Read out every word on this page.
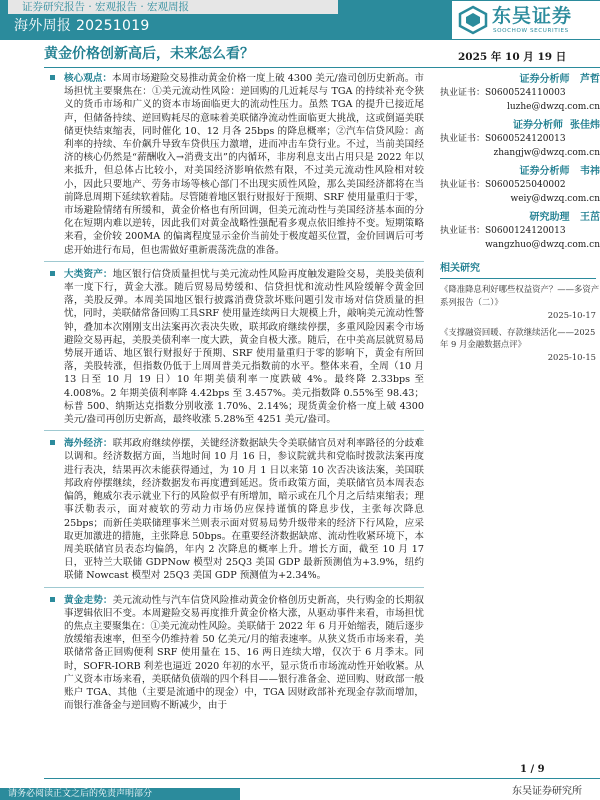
证券研究报告 · 宏观报告 · 宏观周报
海外周报 20251019	东吴证券
SOOCHOW SECURITIES
黄金价格创新高后，未来怎么看？	2025 年 10 月 19 日
核心观点：本周市场避险交易推动黄金价格一度上破 4300 美元/盎司创历史新高。市场担忧主要聚焦在：①美元流动性风险：逆回购的几近耗尽与 TGA 的持续补充令狭义的货币市场和广义的资本市场面临更大的流动性压力。虽然 TGA 的提升已接近尾声，但储备持续、逆回购耗尽的意味着美联储净流动性面临更大挑战，这或倒逼美联储更快结束缩表，同时催化 10、12 月各 25bps 的降息概率；②汽车信贷风险：高利率的持续、车价飙升导致车贷供压力激增，进而冲击车贷行业。不过，当前美国经济的核心仍然是“薪酬收入→消费支出”的内循环，非房利息支出占用只是 2022 年以来抵升，但总体占比较小，对美国经济影响依然有限，不过美元流动性风险相对较小，因此只要地产、劳务市场等核心部门不出现实质性风险，那么美国经济都将在当前降息周期下延续软着陆。尽管随着地区银行财报好于预期、SRF 使用量重归于零，市场避险情绪有所缓和，黄金价格也有所回调，但美元流动性与美国经济基本面的分化在短期内难以逆转，因此我们对黄金战略性强配看多观点依旧维持不变。短期策略来看，金价较 200MA 的偏离程度显示金价当前处于极度超买位置，金价回调后可考虑开始进行布局，但也需做好重新震荡洗盘的准备。
大类资产：地区银行信贷质量担忧与美元流动性风险再度触发避险交易，美股美债利率一度下行，黄金大涨。随后贸易局势缓和、信贷担忧和流动性风险缓解令黄金回落，美股反弹。本周美国地区银行披露消费贷款坏账问题引发市场对信贷质量的担忧，同时，美联储常备回购工具SRF 使用量连续两日大规模上升，敲响美元流动性警钟，叠加本次刚刚支出法案再次表决失败，联邦政府继续停摆，多重风险因素令市场避险交易再起，美股美债利率一度大跌，黄金自极大涨。随后，在中美高层就贸易局势展开通话、地区银行财报好于预期、SRF 使用量重归于零的影响下，黄金有所回落，美股转涨，但指数仍低于上周周普美元指数前的水平。整体来看，全周（10 月 13 日至 10 月 19 日）10 年期美债利率一度跌破 4%。最终降 2.33bps 至 4.008%。2 年期美债利率降 4.42bps 至 3.457%。美元指数降 0.55%至 98.43；标普 500、纳斯达克指数分别收涨 1.70%、2.14%；现货黄金价格一度上破 4300 美元/盎司再创历史新高，最终收涨 5.28%至 4251 美元/盎司。
海外经济：联邦政府继续停摆，关键经济数据缺失令美联储官员对利率路径的分歧难以调和。经济数据方面，当地时间 10 月 16 日，参议院就共和党临时拨款法案再度进行表决，结果再次未能获得通过，为 10 月 1 日以来第 10 次否决该法案，美国联邦政府停摆继续，经济数据发布再度遭到延迟。货币政策方面，美联储官员本周表态偏鸽，鲍威尔表示就业下行的风险似乎有所增加，暗示或在几个月之后结束缩表；理事沃勒表示，面对疲软的劳动力市场仍应保持谨慎的降息步伐，主张每次降息 25bps；而新任美联储理事米兰则表示面对贸易局势升级带来的经济下行风险，应采取更加激进的措施，主张降息 50bps。在重要经济数据缺席、流动性收紧环境下，本周美联储官员表态均偏鸽，年内 2 次降息的概率上升。增长方面，截至 10 月 17 日，亚特兰大联储 GDPNow 模型对 25Q3 美国 GDP 最新预测值为+3.9%，纽约联储 Nowcast 模型对 25Q3 美国 GDP 预测值为+2.34%。
黄金走势：美元流动性与汽车信贷风险推动黄金价格创历史新高，央行购金的长期叙事逻辑依旧不变。本周避险交易再度推升黄金价格大涨，从驱动事件来看，市场担忧的焦点主要聚集在：①美元流动性风险。美联储于 2022 年 6 月开始缩表，随后逐步放缓缩表速率，但至今仍维持着 50 亿美元/月的缩表速率。从狭义货币市场来看，美联储常备正回购便利 SRF 使用量在 15、16 两日连续大增，仅次于 6 月季末。同时，SOFR-IORB 利差也逼近 2020 年初的水平，显示货币市场流动性开始收紧。从广义资本市场来看，美联储负债端的四个科目——银行准备金、逆回购、财政部一般账户 TGA、其他（主要是流通中的现金）中，TGA 因财政部补充现金存款而增加，而银行准备金与逆回购不断减少，由于
证券分析师 芦哲
执业证书：S0600524110003
luzhe@dwzq.com.cn
证券分析师 张佳炜
执业证书：S0600524120013
zhangjw@dwzq.com.cn
证券分析师 韦祎
执业证书：S0600525040002
weiy@dwzq.com.cn
研究助理 王茁
执业证书：S0600124120013
wangzhuo@dwzq.com.cn
相关研究
《降准降息利好哪些权益资产？——多资产系列报告（二）》
2025-10-17
《支撑融资回暖、存款继续活化——2025 年 9 月金融数据点评》
2025-10-15
1 / 9
东吴证券研究所
请务必阅读正文之后的免责声明部分
